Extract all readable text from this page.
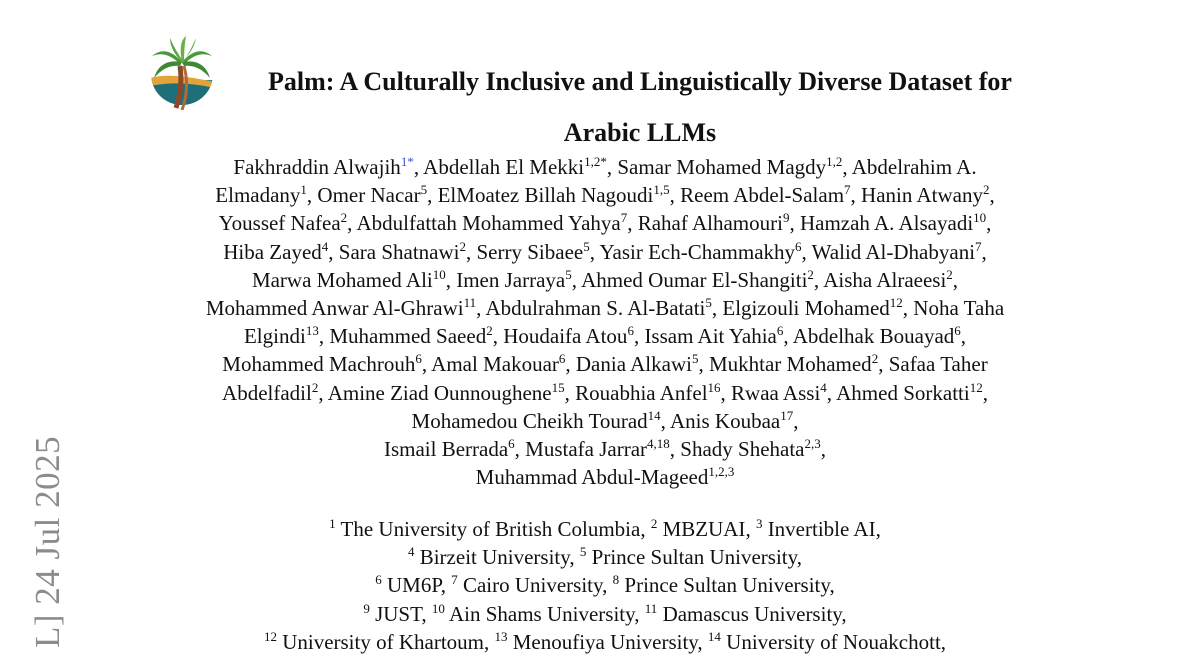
L] 24 Jul 2025
Palm: A Culturally Inclusive and Linguistically Diverse Dataset for
Arabic LLMs
Fakhraddin Alwajih$^{1*}$, Abdellah El Mekki$^{1,2*}$, Samar Mohamed Magdy$^{1,2}$, Abdelrahim A.
Elmadany$^1$, Omer Nacar$^5$, ElMoatez Billah Nagoudi$^{1,5}$, Reem Abdel-Salam$^7$, Hanin Atwany$^2$,
Youssef Nafea$^2$, Abdulfattah Mohammed Yahya$^7$, Rahaf Alhamouri$^9$, Hamzah A. Alsayadi$^{10}$,
Hiba Zayed$^4$, Sara Shatnawi$^2$, Serry Sibaee$^5$, Yasir Ech-Chammakhy$^6$, Walid Al-Dhabyani$^7$,
Marwa Mohamed Ali$^{10}$, Imen Jarraya$^5$, Ahmed Oumar El-Shangiti$^2$, Aisha Alraeesi$^2$,
Mohammed Anwar Al-Ghrawi$^{11}$, Abdulrahman S. Al-Batati$^5$, Elgizouli Mohamed$^{12}$, Noha Taha
Elgindi$^{13}$, Muhammed Saeed$^2$, Houdaifa Atou$^6$, Issam Ait Yahia$^6$, Abdelhak Bouayad$^6$,
Mohammed Machrouh$^6$, Amal Makouar$^6$, Dania Alkawi$^5$, Mukhtar Mohamed$^2$, Safaa Taher
Abdelfadil$^2$, Amine Ziad Ounnoughene$^{15}$, Rouabhia Anfel$^{16}$, Rwaa Assi$^4$, Ahmed Sorkatti$^{12}$,
Mohamedou Cheikh Tourad$^{14}$, Anis Koubaa$^{17}$,
Ismail Berrada$^6$, Mustafa Jarrar$^{4,18}$, Shady Shehata$^{2,3}$,
Muhammad Abdul-Mageed$^{1,2,3}$
$^1$ The University of British Columbia, $^2$ MBZUAI, $^3$ Invertible AI,
$^4$ Birzeit University, $^5$ Prince Sultan University,
$^6$ UM6P, $^7$ Cairo University, $^8$ Prince Sultan University,
$^9$ JUST, $^{10}$ Ain Shams University, $^{11}$ Damascus University,
$^{12}$ University of Khartoum, $^{13}$ Menoufiya University, $^{14}$ University of Nouakchott,
